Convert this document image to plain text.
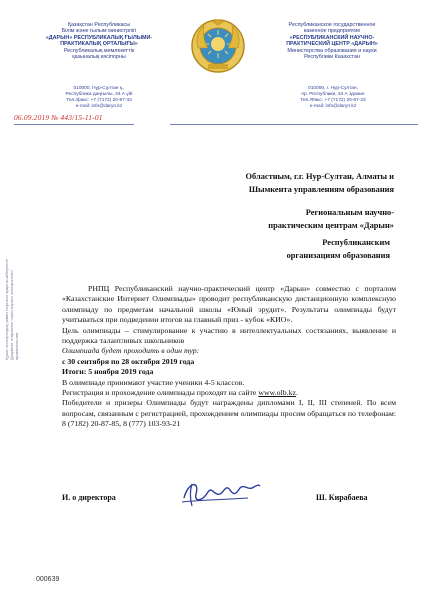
Қазақстан Республикасы
Білім және ғылым министрлігі
«ДАРЫН» РЕСПУБЛИКАЛЫҚ ҒЫЛЫМИ-
ПРАКТИКАЛЫҚ ОРТАЛЫҒЫ»
Республикалық мемлекеттік
қазыналық кәсіпорны
Республиканское государственное
казенное предприятие
«РЕСПУБЛИКАНСКИЙ НАУЧНО-
ПРАКТИЧЕСКИЙ ЦЕНТР «ДАРЫН»
Министерства образования и науки
Республики Казахстан
010000, Нұр-Сұлтан қ.,
Республика даңғылы, 34 А үйі
Тел./факс: +7 (7172) 20-87-33
e-mail: info@daryn.kz
010000, г. Нур-Султан,
пр. Республики, 34 А здание
Тел./Факс: +7 (7172) 20-87-33
e-mail: info@daryn.kz
06.09.2019 № 443/15-11-01
Областным, г.г. Нур-Султан, Алматы и
Шымкента управлениям образования
Региональным научно-
практическим центрам «Дарын»
Республиканским
организациям образования
Құжат электрондық үкімет порталы арқылы жіберілген Документ отправлен через портал электронного правительства
РНПЦ Республиканский научно-практический центр «Дарын» совместно с порталом «Казахстанские Интернет Олимпиады» проводит республиканскую дистанционную комплексную олимпиаду по предметам начальной школы «Юный эрудит». Результаты олимпиады будут учитываться при подведении итогов на главный приз - кубок «КИО».
Цель олимпиады – стимулирование к участию в интеллектуальных состязаниях, выявление и поддержка талантливых школьников
Олимпиада будет проходить в один тур:
с 30 сентября по 28 октября 2019 года
Итоги: 5 ноября 2019 года
В олимпиаде принимают участие ученики 4-5 классов.
Регистрация и прохождение олимпиады проходят на сайте www.olb.kz.
Победители и призеры Олимпиады будут награждены дипломами I, II, III степеней. По всем вопросам, связанным с регистрацией, прохождением олимпиады просим обращаться по телефонам: 8 (7182) 20-87-85, 8 (777) 103-93-21
И. о директора	Ш. Кирабаева
000639
